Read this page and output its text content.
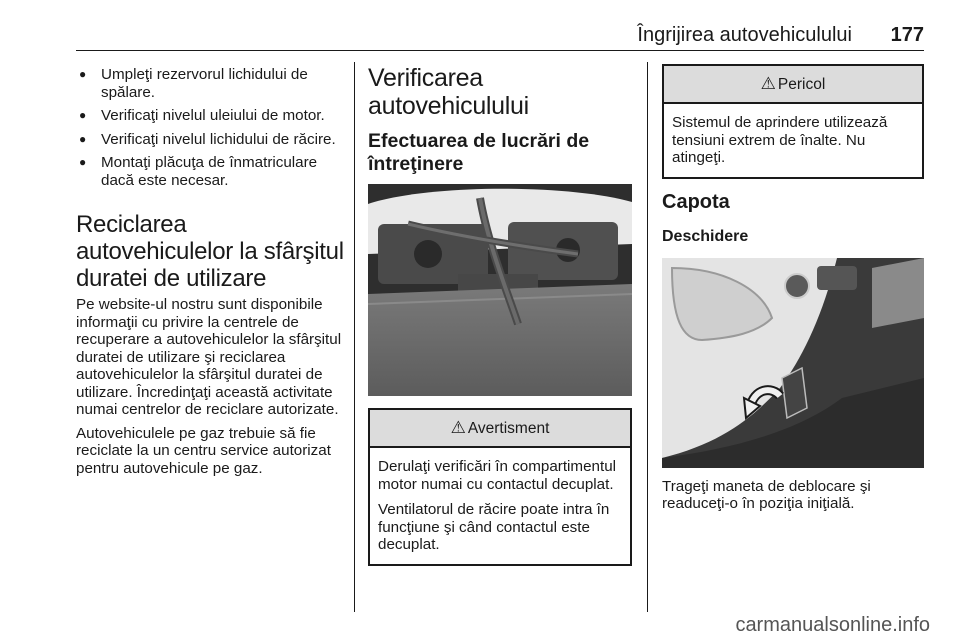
Îngrijirea autovehiculului 177
● Umpleţi rezervorul lichidului de spălare.
● Verificaţi nivelul uleiului de motor.
● Verificaţi nivelul lichidului de răcire.
● Montaţi plăcuţa de înmatriculare dacă este necesar.
Reciclarea autovehiculelor la sfârşitul duratei de utilizare

Pe website-ul nostru sunt disponibile informaţii cu privire la centrele de recuperare a autovehiculelor la sfârşitul duratei de utilizare şi reciclarea autovehiculelor la sfârşitul duratei de utilizare. Încredinţaţi această activitate numai centrelor de reciclare autorizate.

Autovehiculele pe gaz trebuie să fie reciclate la un centru service autorizat pentru autovehicule pe gaz.

Verificarea autovehiculului
Efectuarea de lucrări de întreţinere
⚠ Avertisment

Derulaţi verificări în compartimentul motor numai cu contactul decuplat.

Ventilatorul de răcire poate intra în funcţiune şi când contactul este decuplat.

⚠ Pericol

Sistemul de aprindere utilizează tensiuni extrem de înalte. Nu atingeţi.

Capota
Deschidere

Trageţi maneta de deblocare şi readuceţi-o în poziţia iniţială.

carmanualsonline.info
